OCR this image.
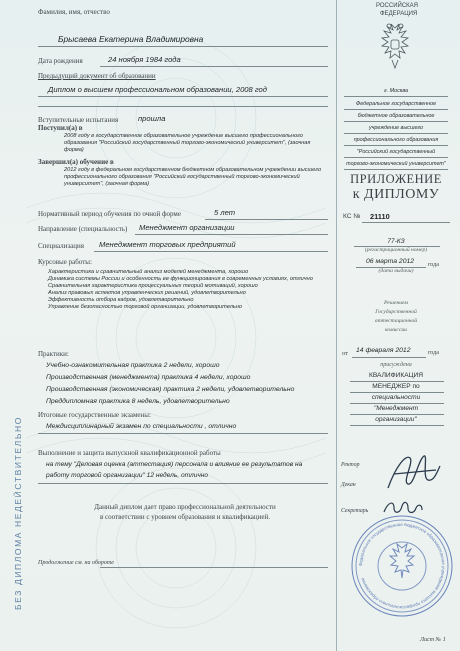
БЕЗ ДИПЛОМА НЕДЕЙСТВИТЕЛЬНО
Фамилия, имя, отчество
Брысаева Екатерина Владимировна
Дата рождения	24 ноября 1984 года
Предыдущий документ об образовании
Диплом о высшем профессиональном образовании, 2008 год
Вступительные испытания	прошла
Поступил(а) в
2008 году в государственное образовательное учреждение высшего профессионального
образования "Российский государственный торгово-экономический университет", (заочная
форма)
Завершил(а) обучение в
2012 году в федеральном государственном бюджетном образовательном учреждении высшего
профессионального образования "Российский государственный торгово-экономический
университет", (заочная форма)
Нормативный период обучения по очной форме	5 лет
Направление (специальность) Менеджмент организации
Специализация Менеджмент торговых предприятий
Курсовые работы:
Характеристика и сравнительный анализ моделей менеджмента, хорошо
Динамика системы России и особенность ее функционирования в современных условиях, отлично
Сравнительная характеристика процессуальных теорий мотиваций, хорошо
Анализ правовых аспектов управленческих решений, удовлетворительно
Эффективность отбора кадров, удовлетворительно
Управление безопасностью торговой организации, удовлетворительно
Практики:
Учебно-ознакомительная практика 2 недели, хорошо
Производственная (менеджмента) практика 4 недели, хорошо
Производственная (экономическая) практика 2 недели, удовлетворительно
Преддипломная практика 8 недель, удовлетворительно
Итоговые государственные экзамены:
Междисциплинарный экзамен по специальности , отлично
Выполнение и защита выпускной квалификационной работы
на тему "Деловая оценка (аттестация) персонала и влияние ее результатов на
работу торговой организации" 12 недель, отлично
Данный диплом дает право профессиональной деятельности
в соответствии с уровнем образования и квалификацией.
Продолжение см. на обороте
РОССИЙСКАЯ
ФЕДЕРАЦИЯ
г. Москва
Федеральное государственное
бюджетное образовательное
учреждение высшего
профессионального образования
"Российский государственный
торгово-экономический университет"
ПРИЛОЖЕНИЕ
к ДИПЛОМУ
КС № 21110
77-КЗ
(регистрационный номер)
06 марта 2012 года
(дата выдачи)
Решением
Государственной
аттестационной
комиссии
от 14 февраля 2012	года
присуждена
КВАЛИФИКАЦИЯ
МЕНЕДЖЕР по
специальности
"Менеджмент
организации"
Ректор
Декан
Секретарь
Федеральное государственное бюджетное образовательное учреждение высшего профессионального образования
Лист № 1
